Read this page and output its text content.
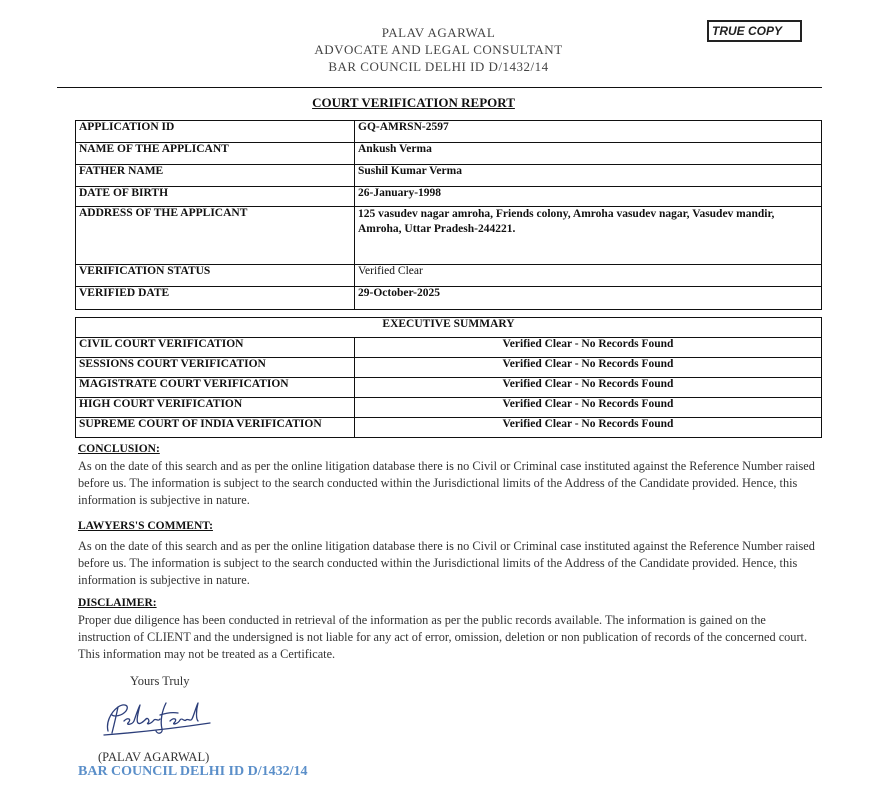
PALAV AGARWAL
ADVOCATE AND LEGAL CONSULTANT
BAR COUNCIL DELHI ID D/1432/14
TRUE COPY
COURT VERIFICATION REPORT
APPLICATION ID	GQ-AMRSN-2597
NAME OF THE APPLICANT	Ankush Verma
FATHER NAME	Sushil Kumar Verma
DATE OF BIRTH	26-January-1998
ADDRESS OF THE APPLICANT	125 vasudev nagar amroha, Friends colony, Amroha vasudev nagar, Vasudev mandir, Amroha, Uttar Pradesh-244221.
VERIFICATION STATUS	Verified Clear
VERIFIED DATE	29-October-2025
EXECUTIVE SUMMARY	
CIVIL COURT VERIFICATION	Verified Clear - No Records Found
SESSIONS COURT VERIFICATION	Verified Clear - No Records Found
MAGISTRATE COURT VERIFICATION	Verified Clear - No Records Found
HIGH COURT VERIFICATION	Verified Clear - No Records Found
SUPREME COURT OF INDIA VERIFICATION	Verified Clear - No Records Found
CONCLUSION:
As on the date of this search and as per the online litigation database there is no Civil or Criminal case instituted against the Reference Number raised before us. The information is subject to the search conducted within the Jurisdictional limits of the Address of the Candidate provided. Hence, this information is subjective in nature.
LAWYERS'S COMMENT:
As on the date of this search and as per the online litigation database there is no Civil or Criminal case instituted against the Reference Number raised before us. The information is subject to the search conducted within the Jurisdictional limits of the Address of the Candidate provided. Hence, this information is subjective in nature.
DISCLAIMER:
Proper due diligence has been conducted in retrieval of the information as per the public records available. The information is gained on the instruction of CLIENT and the undersigned is not liable for any act of error, omission, deletion or non publication of records of the concerned court. This information may not be treated as a Certificate.
Yours Truly
(PALAV AGARWAL)
BAR COUNCIL DELHI ID D/1432/14
